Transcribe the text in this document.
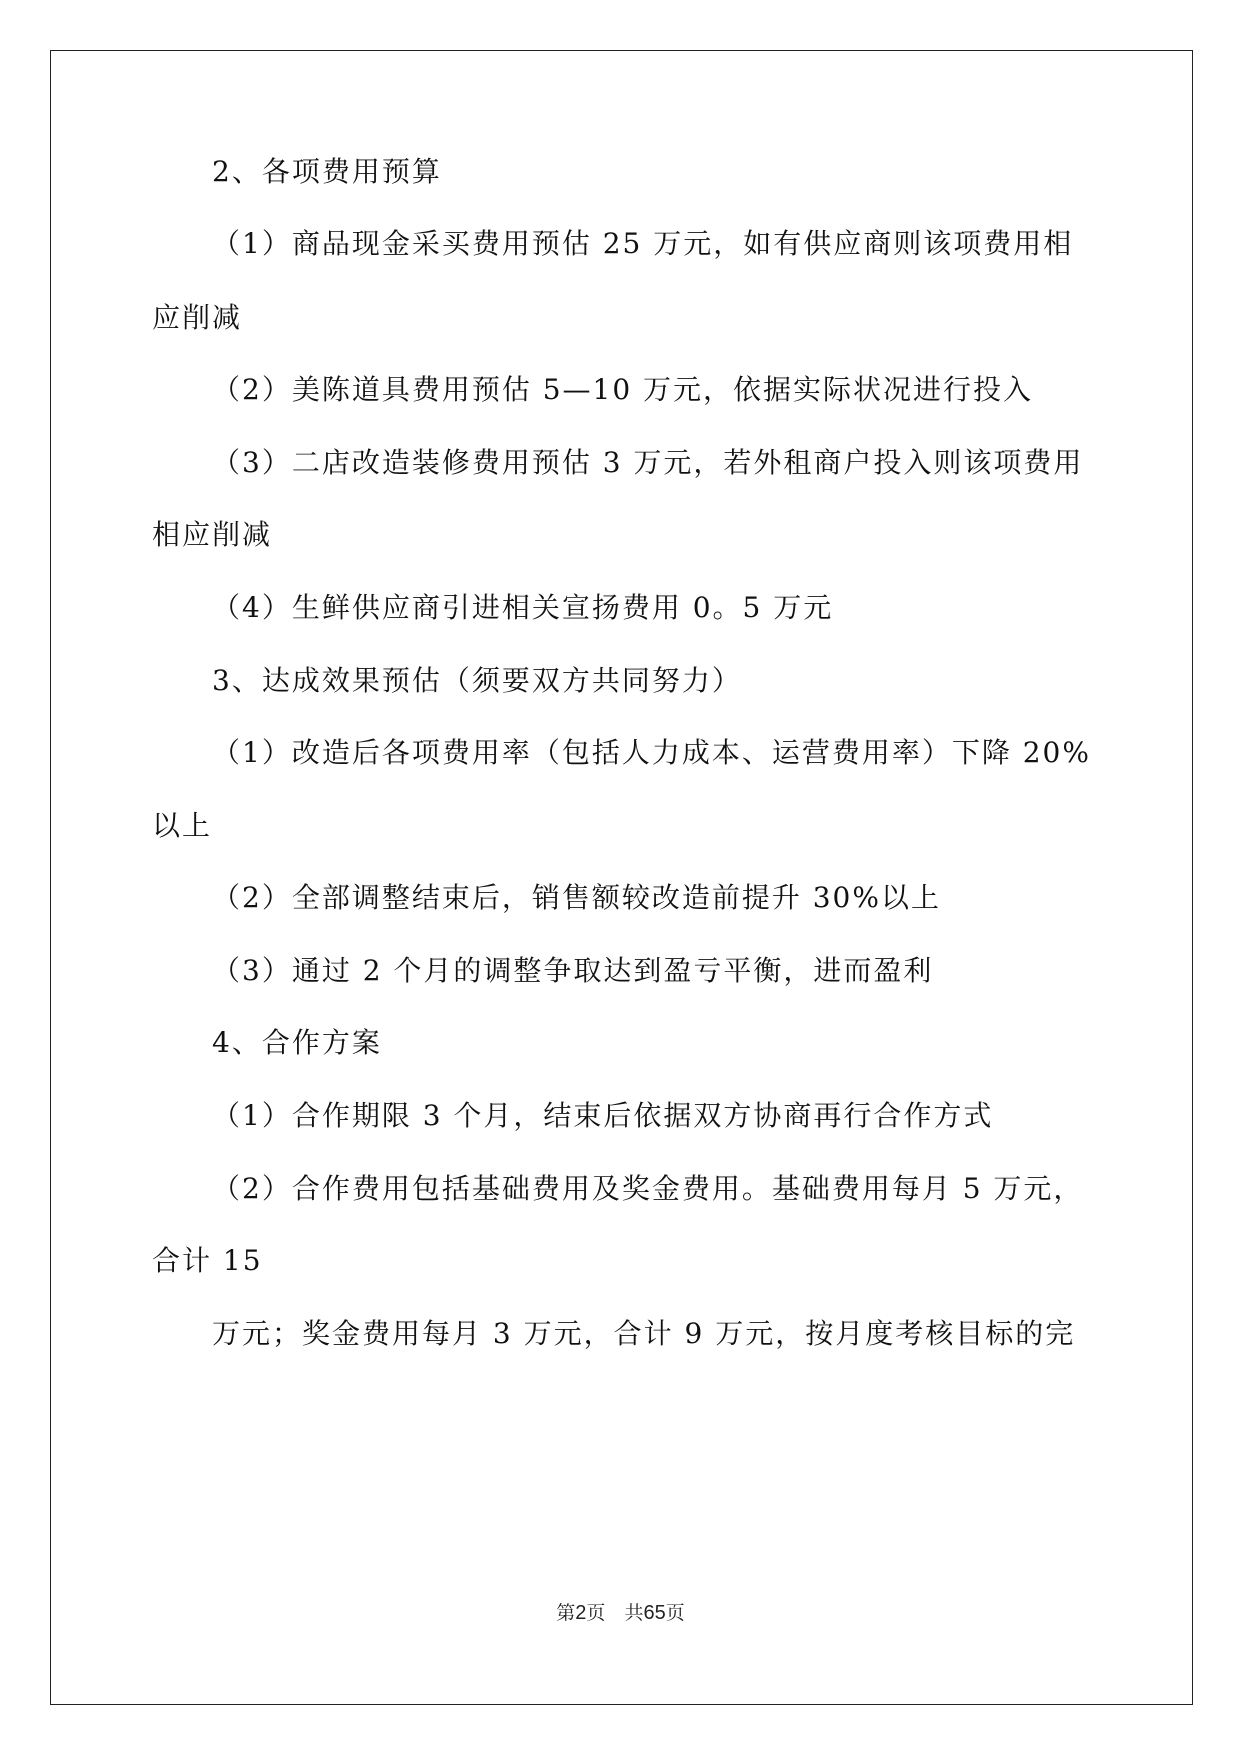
2、各项费用预算
（1）商品现金采买费用预估 25 万元，如有供应商则该项费用相
应削减
（2）美陈道具费用预估 5—10 万元，依据实际状况进行投入
（3）二店改造装修费用预估 3 万元，若外租商户投入则该项费用
相应削减
（4）生鲜供应商引进相关宣扬费用 0。5 万元
3、达成效果预估（须要双方共同努力）
（1）改造后各项费用率（包括人力成本、运营费用率）下降 20%
以上
（2）全部调整结束后，销售额较改造前提升 30%以上
（3）通过 2 个月的调整争取达到盈亏平衡，进而盈利
4、合作方案
（1）合作期限 3 个月，结束后依据双方协商再行合作方式
（2）合作费用包括基础费用及奖金费用。基础费用每月 5 万元，
合计 15
万元；奖金费用每月 3 万元，合计 9 万元，按月度考核目标的完
第2页 共65页
